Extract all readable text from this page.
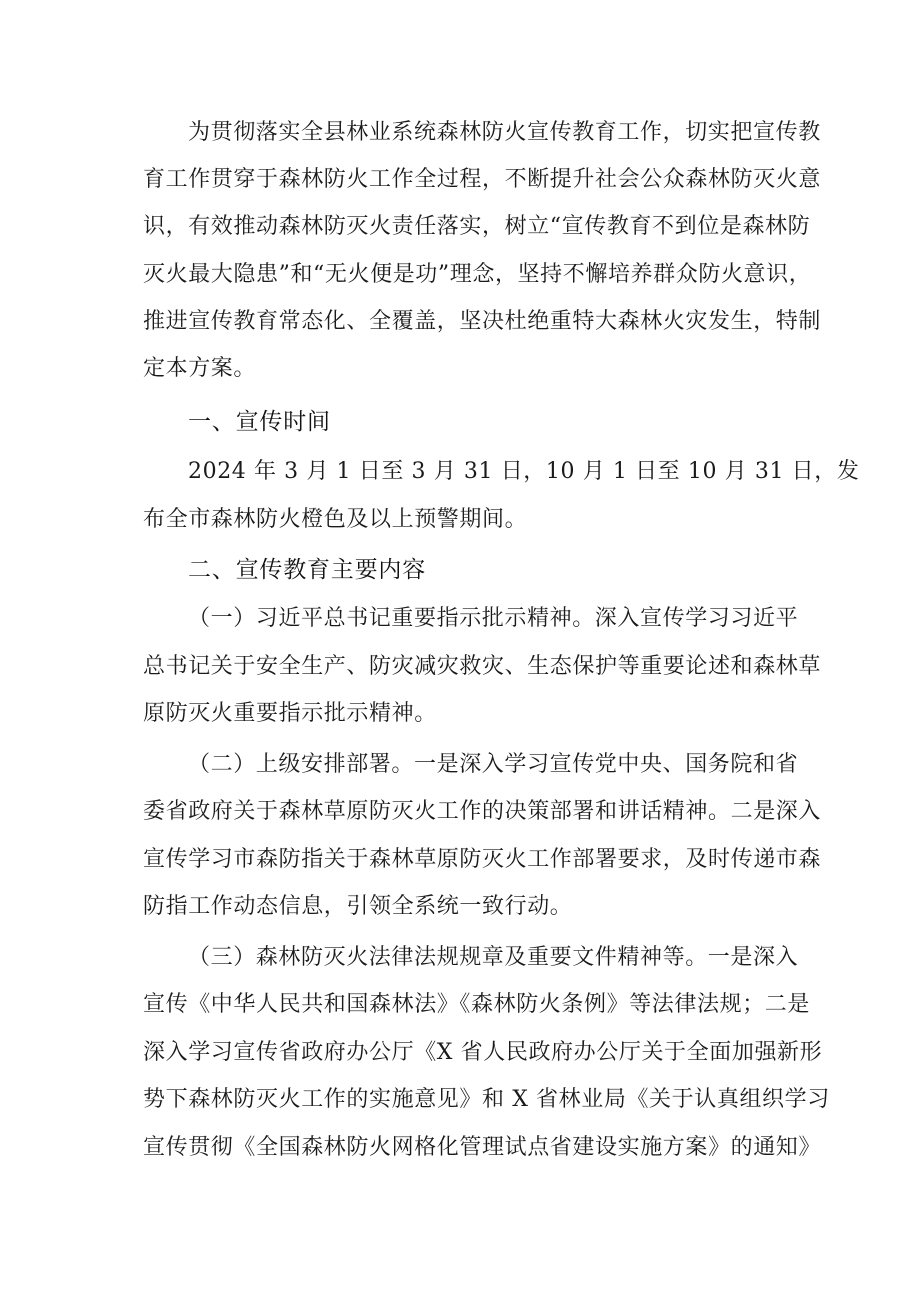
为贯彻落实全县林业系统森林防火宣传教育工作，切实把宣传教
育工作贯穿于森林防火工作全过程，不断提升社会公众森林防灭火意
识，有效推动森林防灭火责任落实，树立“宣传教育不到位是森林防
灭火最大隐患”和“无火便是功”理念，坚持不懈培养群众防火意识，
推进宣传教育常态化、全覆盖，坚决杜绝重特大森林火灾发生，特制
定本方案。
一、宣传时间
2024 年 3 月 1 日至 3 月 31 日，10 月 1 日至 10 月 31 日，发
布全市森林防火橙色及以上预警期间。
二、宣传教育主要内容
（一）习近平总书记重要指示批示精神。深入宣传学习习近平
总书记关于安全生产、防灾减灾救灾、生态保护等重要论述和森林草
原防灭火重要指示批示精神。
（二）上级安排部署。一是深入学习宣传党中央、国务院和省
委省政府关于森林草原防灭火工作的决策部署和讲话精神。二是深入
宣传学习市森防指关于森林草原防灭火工作部署要求，及时传递市森
防指工作动态信息，引领全系统一致行动。
（三）森林防灭火法律法规规章及重要文件精神等。一是深入
宣传《中华人民共和国森林法》《森林防火条例》等法律法规；二是
深入学习宣传省政府办公厅《X 省人民政府办公厅关于全面加强新形
势下森林防灭火工作的实施意见》和 X 省林业局《关于认真组织学习
宣传贯彻《全国森林防火网格化管理试点省建设实施方案》的通知》
